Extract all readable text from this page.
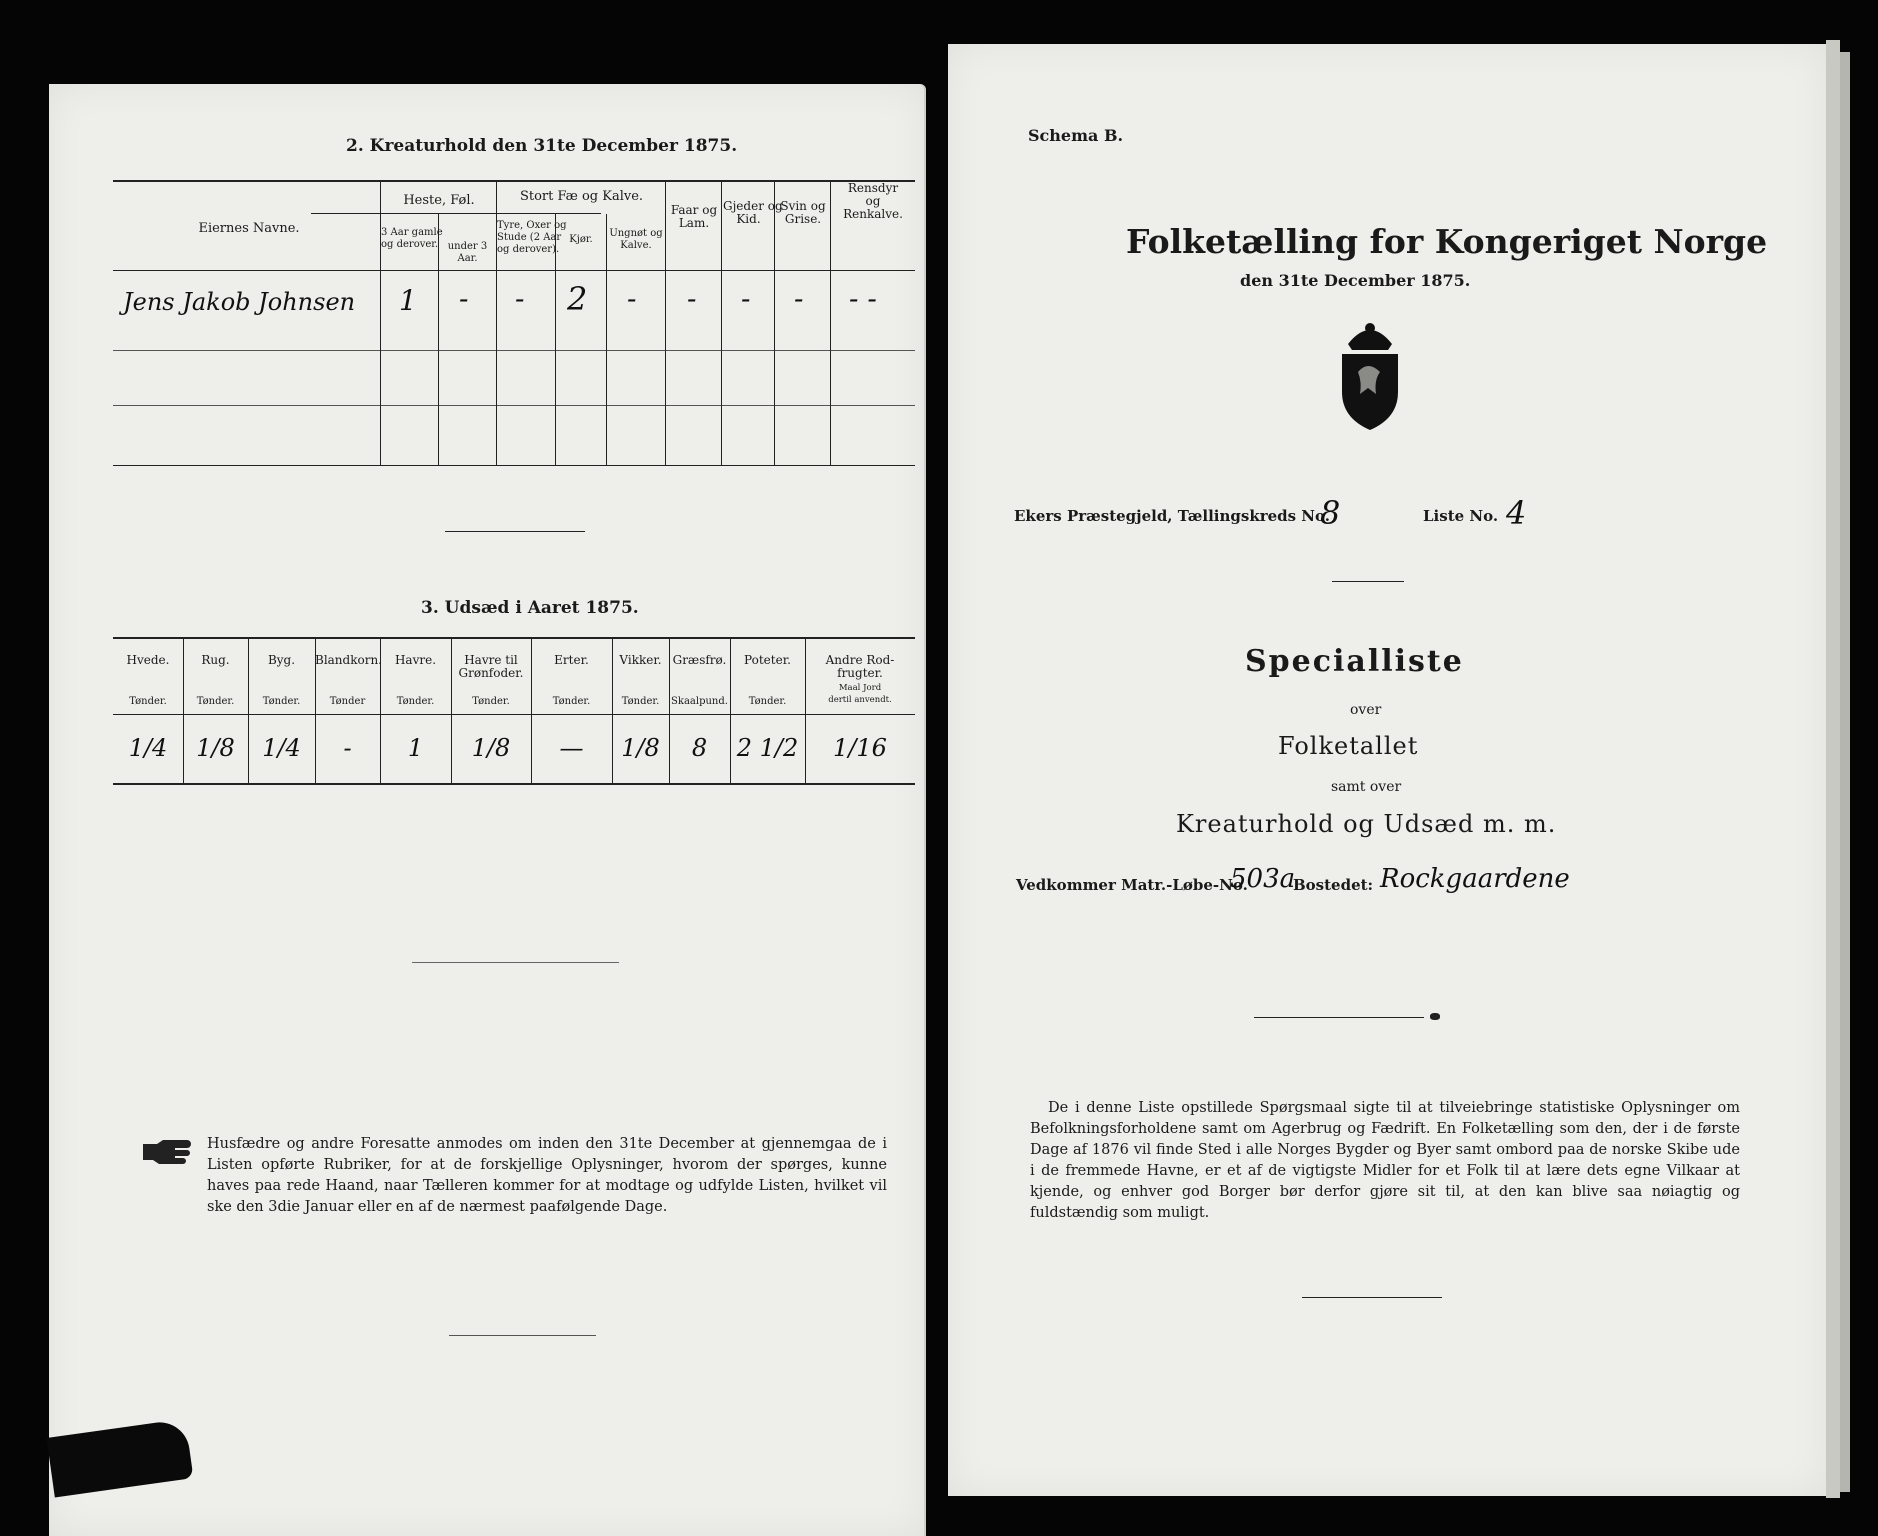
2. Kreaturhold den 31te December 1875.
Eiernes Navne.
Heste, Føl.	Stort Fæ og Kalve.
Faar og
Lam.
Gjeder og
Kid.
Svin og
Grise.
Rensdyr
og
Renkalve.
3 Aar gamle
og derover. under 3 Aar.
Tyre, Oxer og
Stude (2 Aar
og derover).
Kjør.
Ungnøt og
Kalve.
Jens Jakob Johnsen 1 - - 2 - - - - - -
3. Udsæd i Aaret 1875.
Husfædre og andre Foresatte anmodes om inden den 31te December at gjennemgaa de i Listen opførte Rubriker, for at de forskjellige Oplysninger, hvorom der spørges, kunne haves paa rede Haand, naar Tælleren kommer for at modtage og udfylde Listen, hvilket vil ske den 3die Januar eller en af de nærmest paafølgende Dage.
Hvede.
Tønder.
1/4
Rug.
Tønder.
1/8
Byg.
Tønder.
1/4
Blandkorn.
Tønder
-
Havre.
Tønder.
1
Havre til
Grønfoder.
Tønder.
1/8
Erter.
Tønder.
—
Vikker.
Tønder.
1/8
Græsfrø.
Skaalpund.
8
Poteter.
Tønder.
2 1/2
Andre Rod-
frugter.
Maal Jord
dertil anvendt.
1/16
Schema B.
Folketælling for Kongeriget Norge
den 31te December 1875.
Ekers Præstegjeld, Tællingskreds No.
8	Liste No. 4
Specialliste
over
Folketallet
samt over
Kreaturhold og Udsæd m. m.
Vedkommer Matr.-Løbe-No.
503a
Bostedet: Rockgaardene
De i denne Liste opstillede Spørgsmaal sigte til at tilveiebringe statistiske Oplysninger om Befolkningsforholdene samt om Agerbrug og Fædrift. En Folketælling som den, der i de første Dage af 1876 vil finde Sted i alle Norges Bygder og Byer samt ombord paa de norske Skibe ude i de fremmede Havne, er et af de vigtigste Midler for et Folk til at lære dets egne Vilkaar at kjende, og enhver god Borger bør derfor gjøre sit til, at den kan blive saa nøiagtig og fuldstændig som muligt.
